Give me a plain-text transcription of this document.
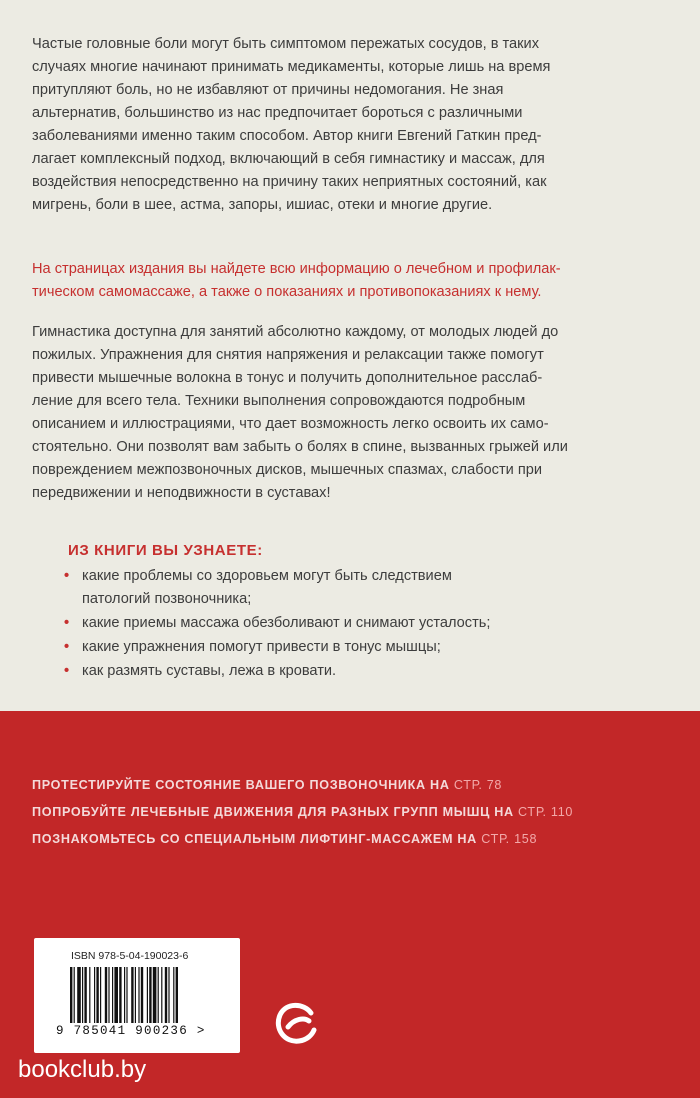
Частые головные боли могут быть симптомом пережатых сосудов, в таких
случаях многие начинают принимать медикаменты, которые лишь на время
притупляют боль, но не избавляют от причины недомогания. Не зная
альтернатив, большинство из нас предпочитает бороться с различными
заболеваниями именно таким способом. Автор книги Евгений Гаткин пред-
лагает комплексный подход, включающий в себя гимнастику и массаж, для
воздействия непосредственно на причину таких неприятных состояний, как
мигрень, боли в шее, астма, запоры, ишиас, отеки и многие другие.

На страницах издания вы найдете всю информацию о лечебном и профилак-
тическом самомассаже, а также о показаниях и противопоказаниях к нему.

Гимнастика доступна для занятий абсолютно каждому, от молодых людей до
пожилых. Упражнения для снятия напряжения и релаксации также помогут
привести мышечные волокна в тонус и получить дополнительное расслаб-
ление для всего тела. Техники выполнения сопровождаются подробным
описанием и иллюстрациями, что дает возможность легко освоить их само-
стоятельно. Они позволят вам забыть о болях в спине, вызванных грыжей или
повреждением межпозвоночных дисков, мышечных спазмах, слабости при
передвижении и неподвижности в суставах!

ИЗ КНИГИ ВЫ УЗНАЕТЕ:
• какие проблемы со здоровьем могут быть следствием
патологий позвоночника;
• какие приемы массажа обезболивают и снимают усталость;
• какие упражнения помогут привести в тонус мышцы;
• как размять суставы, лежа в кровати.
ПРОТЕСТИРУЙТЕ СОСТОЯНИЕ ВАШЕГО ПОЗВОНОЧНИКА НА СТР. 78
ПОПРОБУЙТЕ ЛЕЧЕБНЫЕ ДВИЖЕНИЯ ДЛЯ РАЗНЫХ ГРУПП МЫШЦ НА СТР. 110
ПОЗНАКОМЬТЕСЬ СО СПЕЦИАЛЬНЫМ ЛИФТИНГ-МАССАЖЕМ НА СТР. 158
ISBN 978-5-04-190023-6
9 785041 900236 >
bookclub.by
